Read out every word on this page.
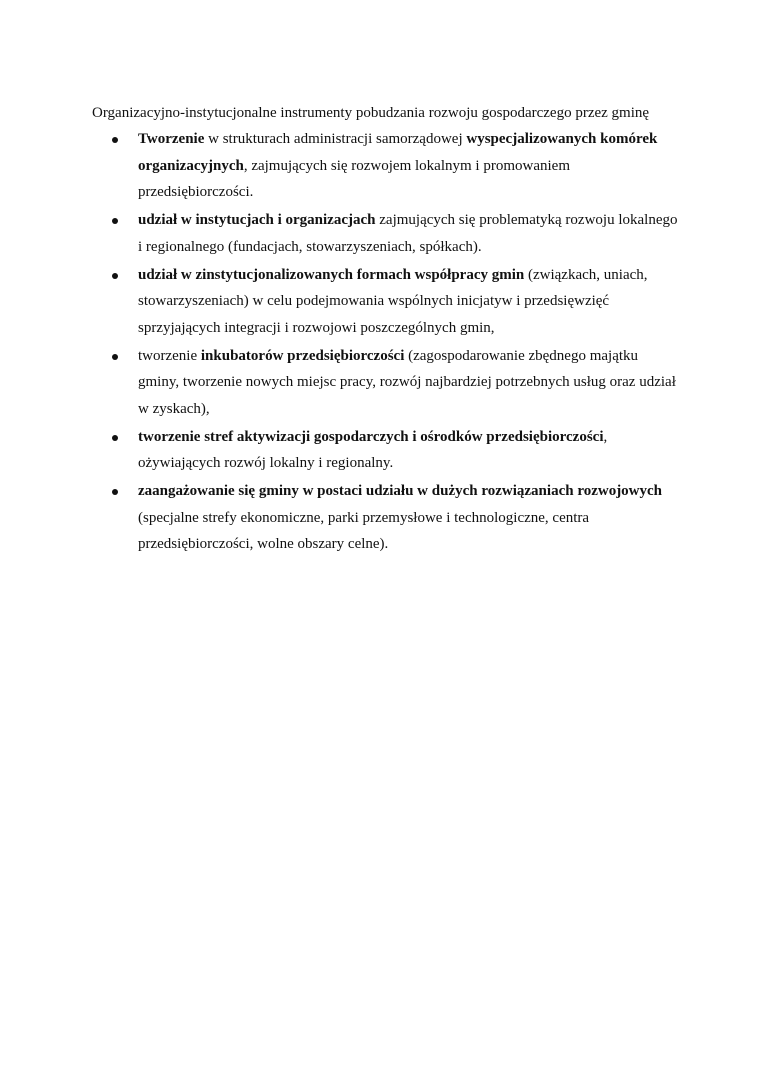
Organizacyjno-instytucjonalne instrumenty pobudzania rozwoju gospodarczego przez gminę

Tworzenie w strukturach administracji samorządowej wyspecjalizowanych komórek organizacyjnych, zajmujących się rozwojem lokalnym i promowaniem przedsiębiorczości.
udział w instytucjach i organizacjach zajmujących się problematyką rozwoju lokalnego i regionalnego (fundacjach, stowarzyszeniach, spółkach).
udział w zinstytucjonalizowanych formach współpracy gmin (związkach, uniach, stowarzyszeniach) w celu podejmowania wspólnych inicjatyw i przedsięwzięć sprzyjających integracji i rozwojowi poszczególnych gmin,
tworzenie inkubatorów przedsiębiorczości (zagospodarowanie zbędnego majątku gminy, tworzenie nowych miejsc pracy, rozwój najbardziej potrzebnych usług oraz udział w zyskach),
tworzenie stref aktywizacji gospodarczych i ośrodków przedsiębiorczości, ożywiających rozwój lokalny i regionalny.
zaangażowanie się gminy w postaci udziału w dużych rozwiązaniach rozwojowych (specjalne strefy ekonomiczne, parki przemysłowe i technologiczne, centra przedsiębiorczości, wolne obszary celne).
